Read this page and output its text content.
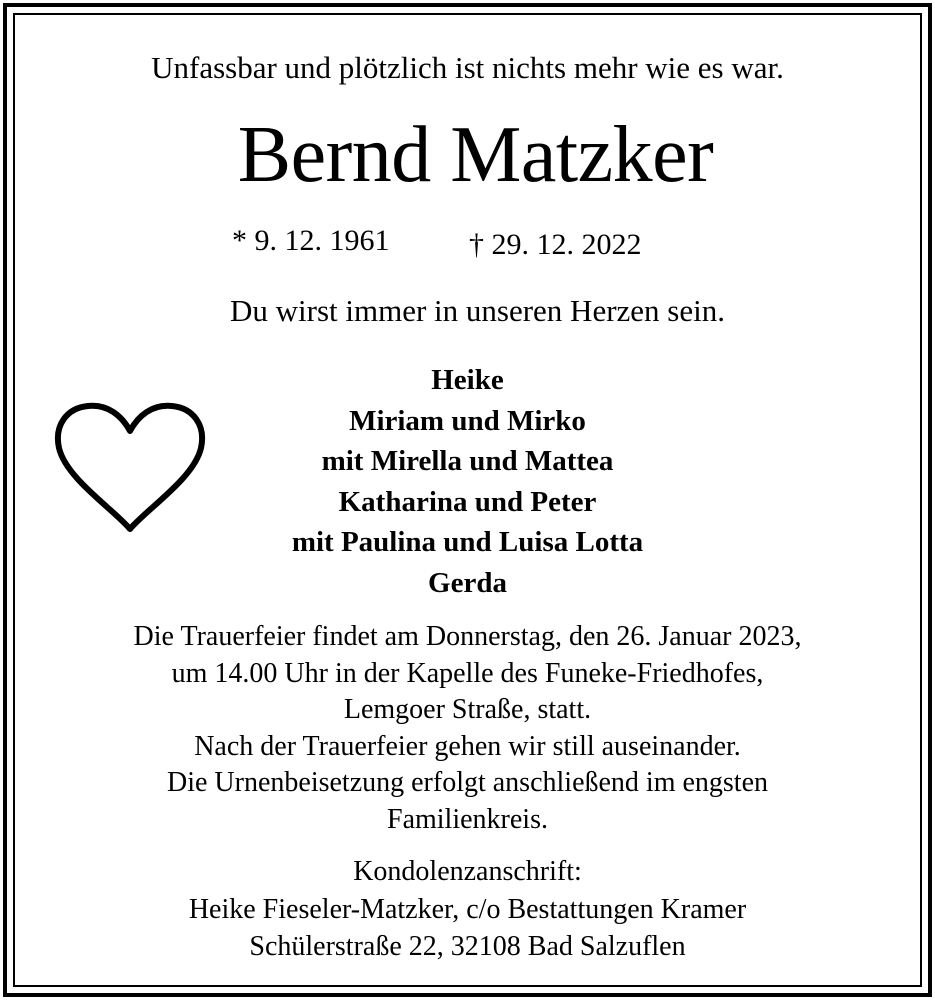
Unfassbar und plötzlich ist nichts mehr wie es war.
Bernd Matzker
* 9. 12. 1961	† 29. 12. 2022
Du wirst immer in unseren Herzen sein.
Heike
Miriam und Mirko
mit Mirella und Mattea
Katharina und Peter
mit Paulina und Luisa Lotta
Gerda
Die Trauerfeier findet am Donnerstag, den 26. Januar 2023,
um 14.00 Uhr in der Kapelle des Funeke-Friedhofes,
Lemgoer Straße, statt.
Nach der Trauerfeier gehen wir still auseinander.
Die Urnenbeisetzung erfolgt anschließend im engsten
Familienkreis.
Kondolenzanschrift:
Heike Fieseler-Matzker, c/o Bestattungen Kramer
Schülerstraße 22, 32108 Bad Salzuflen
